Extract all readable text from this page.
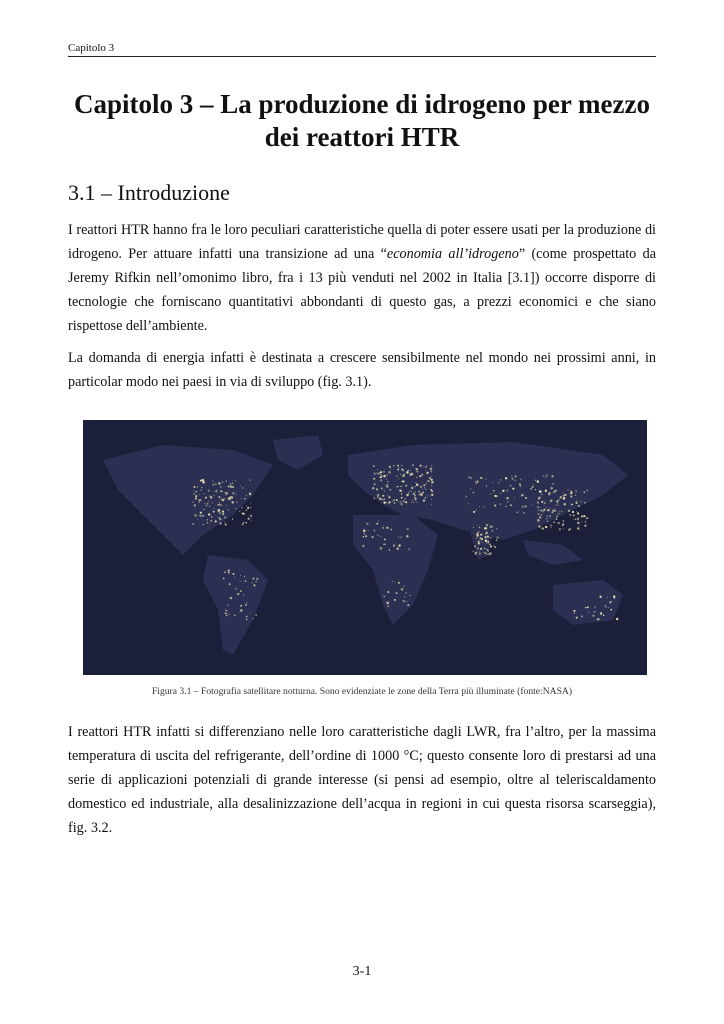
Capitolo 3
Capitolo 3 – La produzione di idrogeno per mezzo dei reattori HTR
3.1 – Introduzione

I reattori HTR hanno fra le loro peculiari caratteristiche quella di poter essere usati per la produzione di idrogeno. Per attuare infatti una transizione ad una “economia all’idrogeno” (come prospettato da Jeremy Rifkin nell’omonimo libro, fra i 13 più venduti nel 2002 in Italia [3.1]) occorre disporre di tecnologie che forniscano quantitativi abbondanti di questo gas, a prezzi economici e che siano rispettose dell’ambiente.

La domanda di energia infatti è destinata a crescere sensibilmente nel mondo nei prossimi anni, in particolar modo nei paesi in via di sviluppo (fig. 3.1).

Figura 3.1 – Fotografia satellitare notturna. Sono evidenziate le zone della Terra più illuminate (fonte:NASA)

I reattori HTR infatti si differenziano nelle loro caratteristiche dagli LWR, fra l’altro, per la massima temperatura di uscita del refrigerante, dell’ordine di 1000 °C; questo consente loro di prestarsi ad una serie di applicazioni potenziali di grande interesse (si pensi ad esempio, oltre al teleriscaldamento domestico ed industriale, alla desalinizzazione dell’acqua in regioni in cui questa risorsa scarseggia), fig. 3.2.

3-1
